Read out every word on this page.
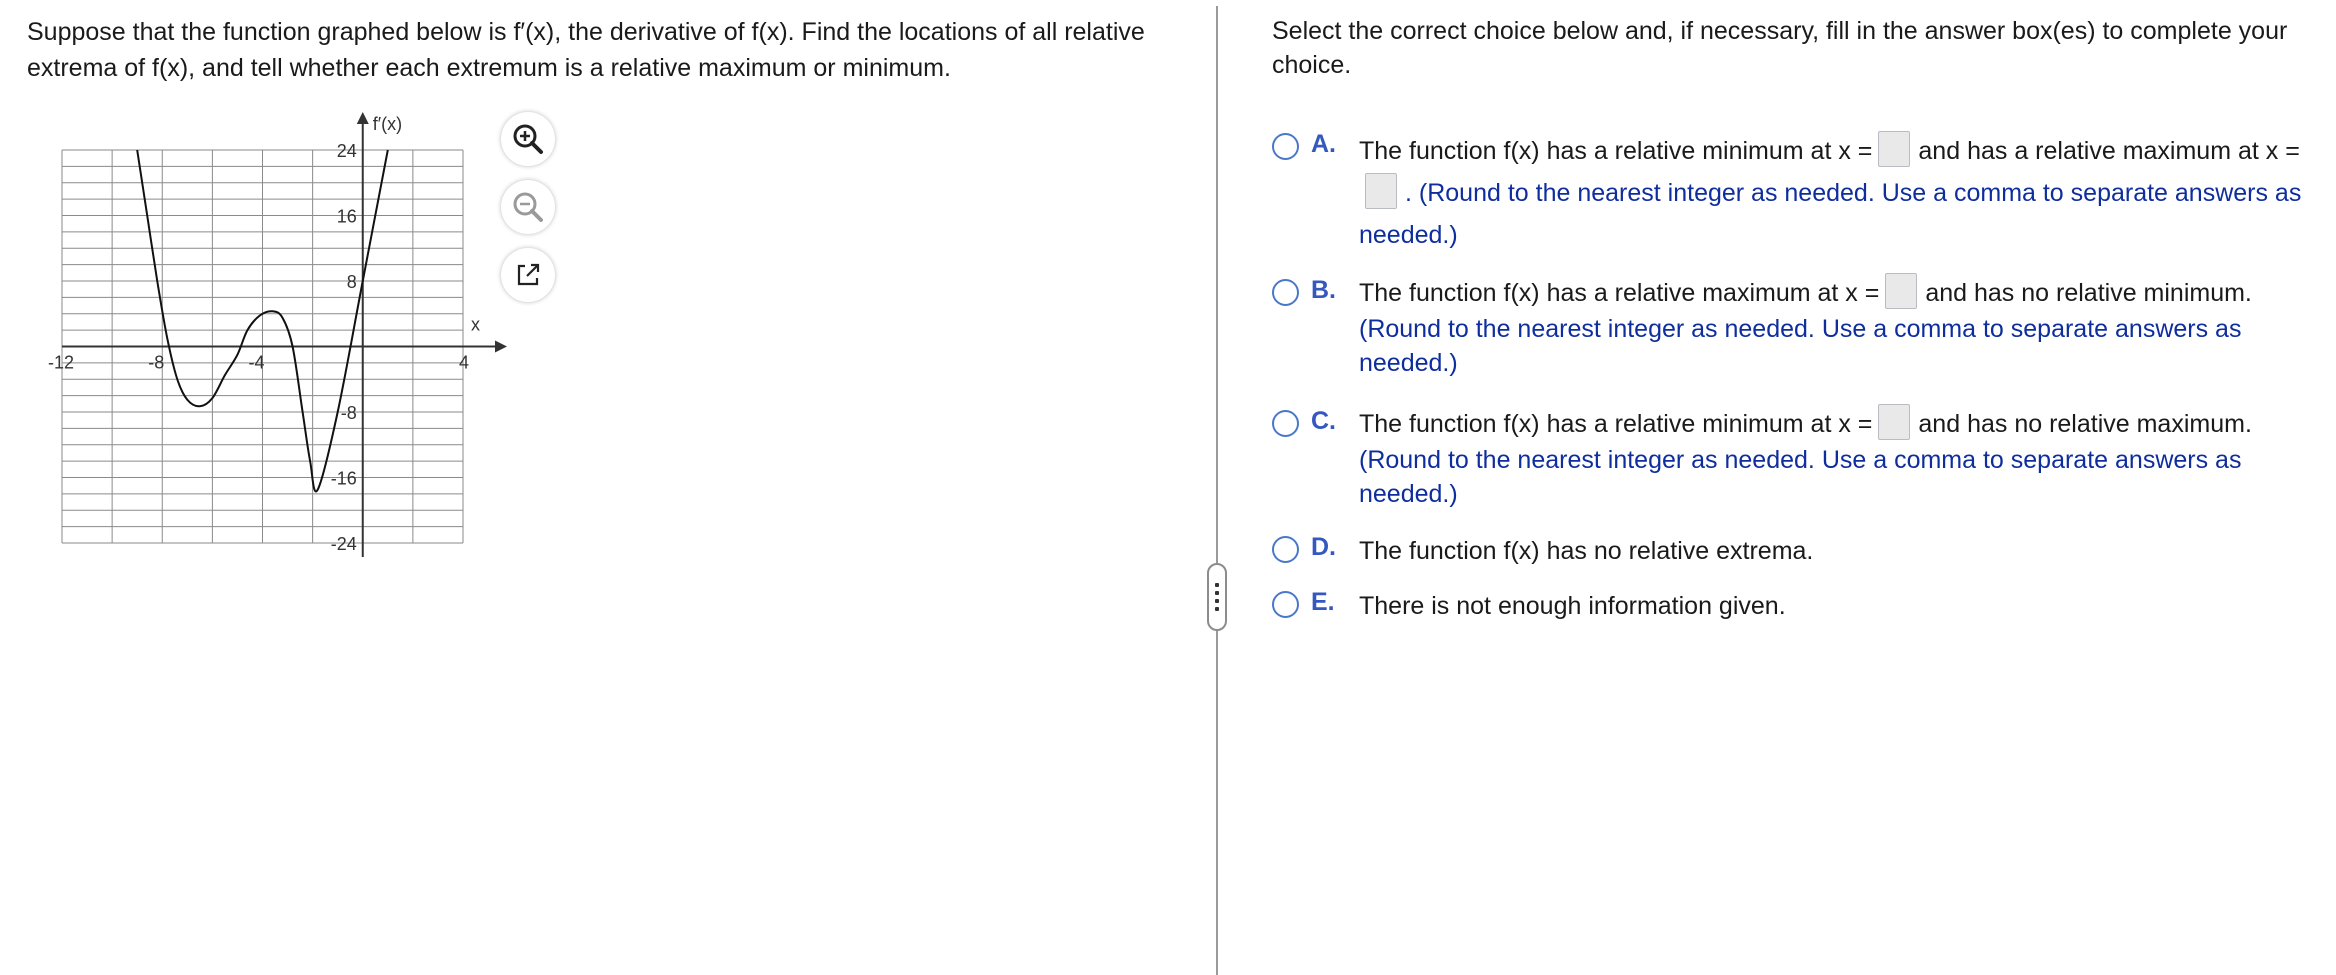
Suppose that the function graphed below is f′(x), the derivative of f(x). Find the locations of all relative extrema of f(x), and tell whether each extremum is a relative maximum or minimum.
x
f′(x)
-12	-8	-4	4
24
16
8
-8
-16
-24
Select the correct choice below and, if necessary, fill in the answer box(es) to complete your choice.
A. The function f(x) has a relative minimum at x = and has a relative maximum at x =. (Round to the nearest integer as needed. Use a comma to separate answers as needed.)
B. The function f(x) has a relative maximum at x = and has no relative minimum.
(Round to the nearest integer as needed. Use a comma to separate answers as needed.)
C. The function f(x) has a relative minimum at x = and has no relative maximum.
(Round to the nearest integer as needed. Use a comma to separate answers as needed.)
D. The function f(x) has no relative extrema.
E. There is not enough information given.
